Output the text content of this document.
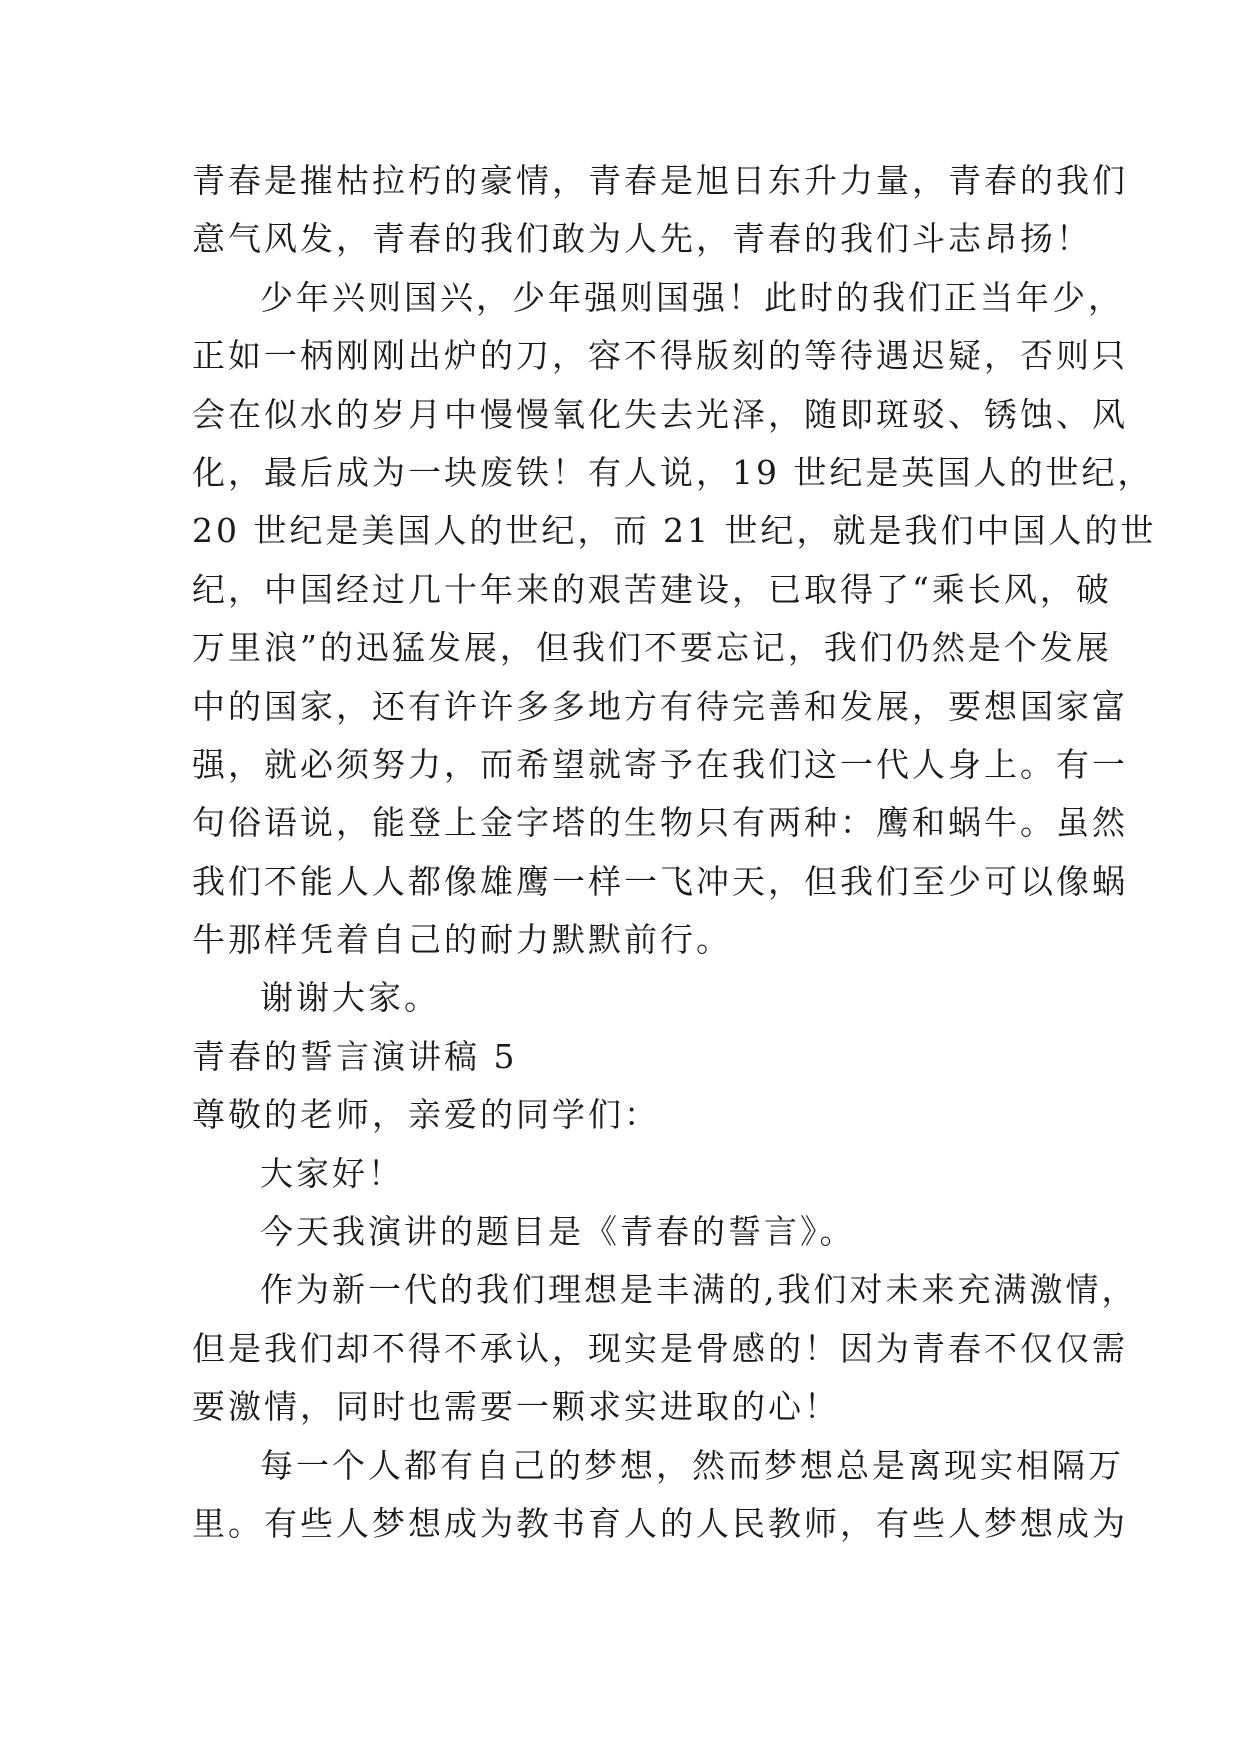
青春是摧枯拉朽的豪情，青春是旭日东升力量，青春的我们
意气风发，青春的我们敢为人先，青春的我们斗志昂扬！
少年兴则国兴，少年强则国强！此时的我们正当年少，
正如一柄刚刚出炉的刀，容不得版刻的等待遇迟疑，否则只
会在似水的岁月中慢慢氧化失去光泽，随即斑驳、锈蚀、风
化，最后成为一块废铁！有人说，19 世纪是英国人的世纪，
20 世纪是美国人的世纪，而 21 世纪，就是我们中国人的世
纪，中国经过几十年来的艰苦建设，已取得了“乘长风，破
万里浪”的迅猛发展，但我们不要忘记，我们仍然是个发展
中的国家，还有许许多多地方有待完善和发展，要想国家富
强，就必须努力，而希望就寄予在我们这一代人身上。有一
句俗语说，能登上金字塔的生物只有两种：鹰和蜗牛。虽然
我们不能人人都像雄鹰一样一飞冲天，但我们至少可以像蜗
牛那样凭着自己的耐力默默前行。
谢谢大家。
青春的誓言演讲稿 5
尊敬的老师，亲爱的同学们：
大家好！
今天我演讲的题目是《青春的誓言》。
作为新一代的我们理想是丰满的,我们对未来充满激情，
但是我们却不得不承认，现实是骨感的！因为青春不仅仅需
要激情，同时也需要一颗求实进取的心！
每一个人都有自己的梦想，然而梦想总是离现实相隔万
里。有些人梦想成为教书育人的人民教师，有些人梦想成为
